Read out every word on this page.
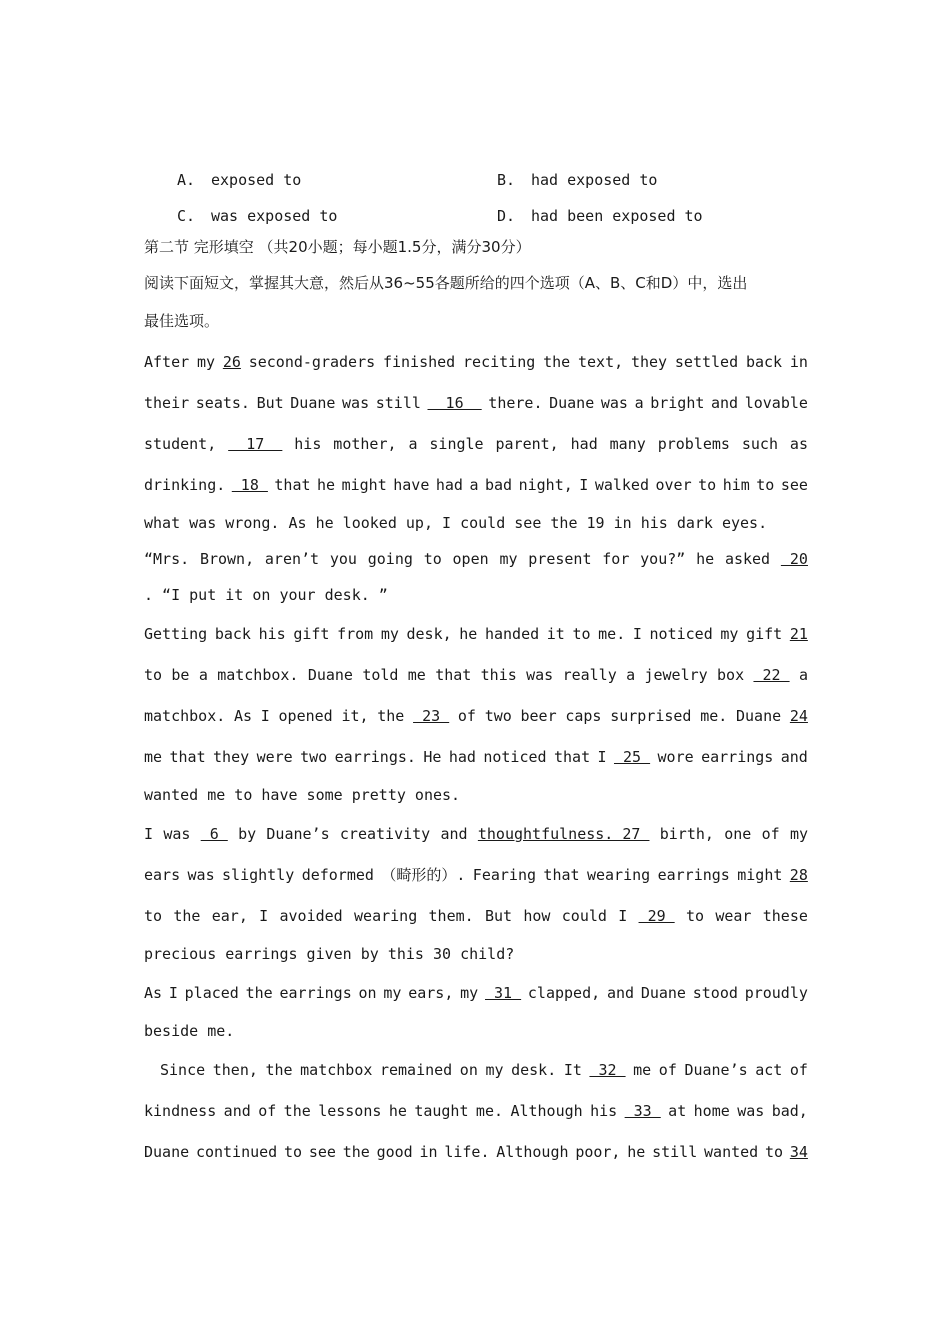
A. exposed to	B. had exposed to
C. was exposed to	D. had been exposed to
第二节 完形填空 （共20小题；每小题1.5分，满分30分）
阅读下面短文，掌握其大意，然后从36~55各题所给的四个选项（A、B、C和D）中，选出
最佳选项。
After my 26 second-graders finished reciting the text, they settled back in
their seats. But Duane was still 16 there. Duane was a bright and lovable
student, 17 his mother, a single parent, had many problems such as
drinking. 18 that he might have had a bad night, I walked over to him to see
what was wrong. As he looked up, I could see the 19 in his dark eyes.
“Mrs. Brown, aren’t you going to open my present for you?” he asked 20
. “I put it on your desk. ”
Getting back his gift from my desk, he handed it to me. I noticed my gift 21
to be a matchbox. Duane told me that this was really a jewelry box 22 a
matchbox. As I opened it, the 23 of two beer caps surprised me. Duane 24
me that they were two earrings. He had noticed that I 25 wore earrings and
wanted me to have some pretty ones.
I was 6 by Duane’s creativity and thoughtfulness. 27 birth, one of my
ears was slightly deformed （畸形的）. Fearing that wearing earrings might 28
to the ear, I avoided wearing them. But how could I 29 to wear these
precious earrings given by this 30 child?
As I placed the earrings on my ears, my 31 clapped, and Duane stood proudly
beside me.
Since then, the matchbox remained on my desk. It 32 me of Duane’s act of
kindness and of the lessons he taught me. Although his 33 at home was bad,
Duane continued to see the good in life. Although poor, he still wanted to 34
